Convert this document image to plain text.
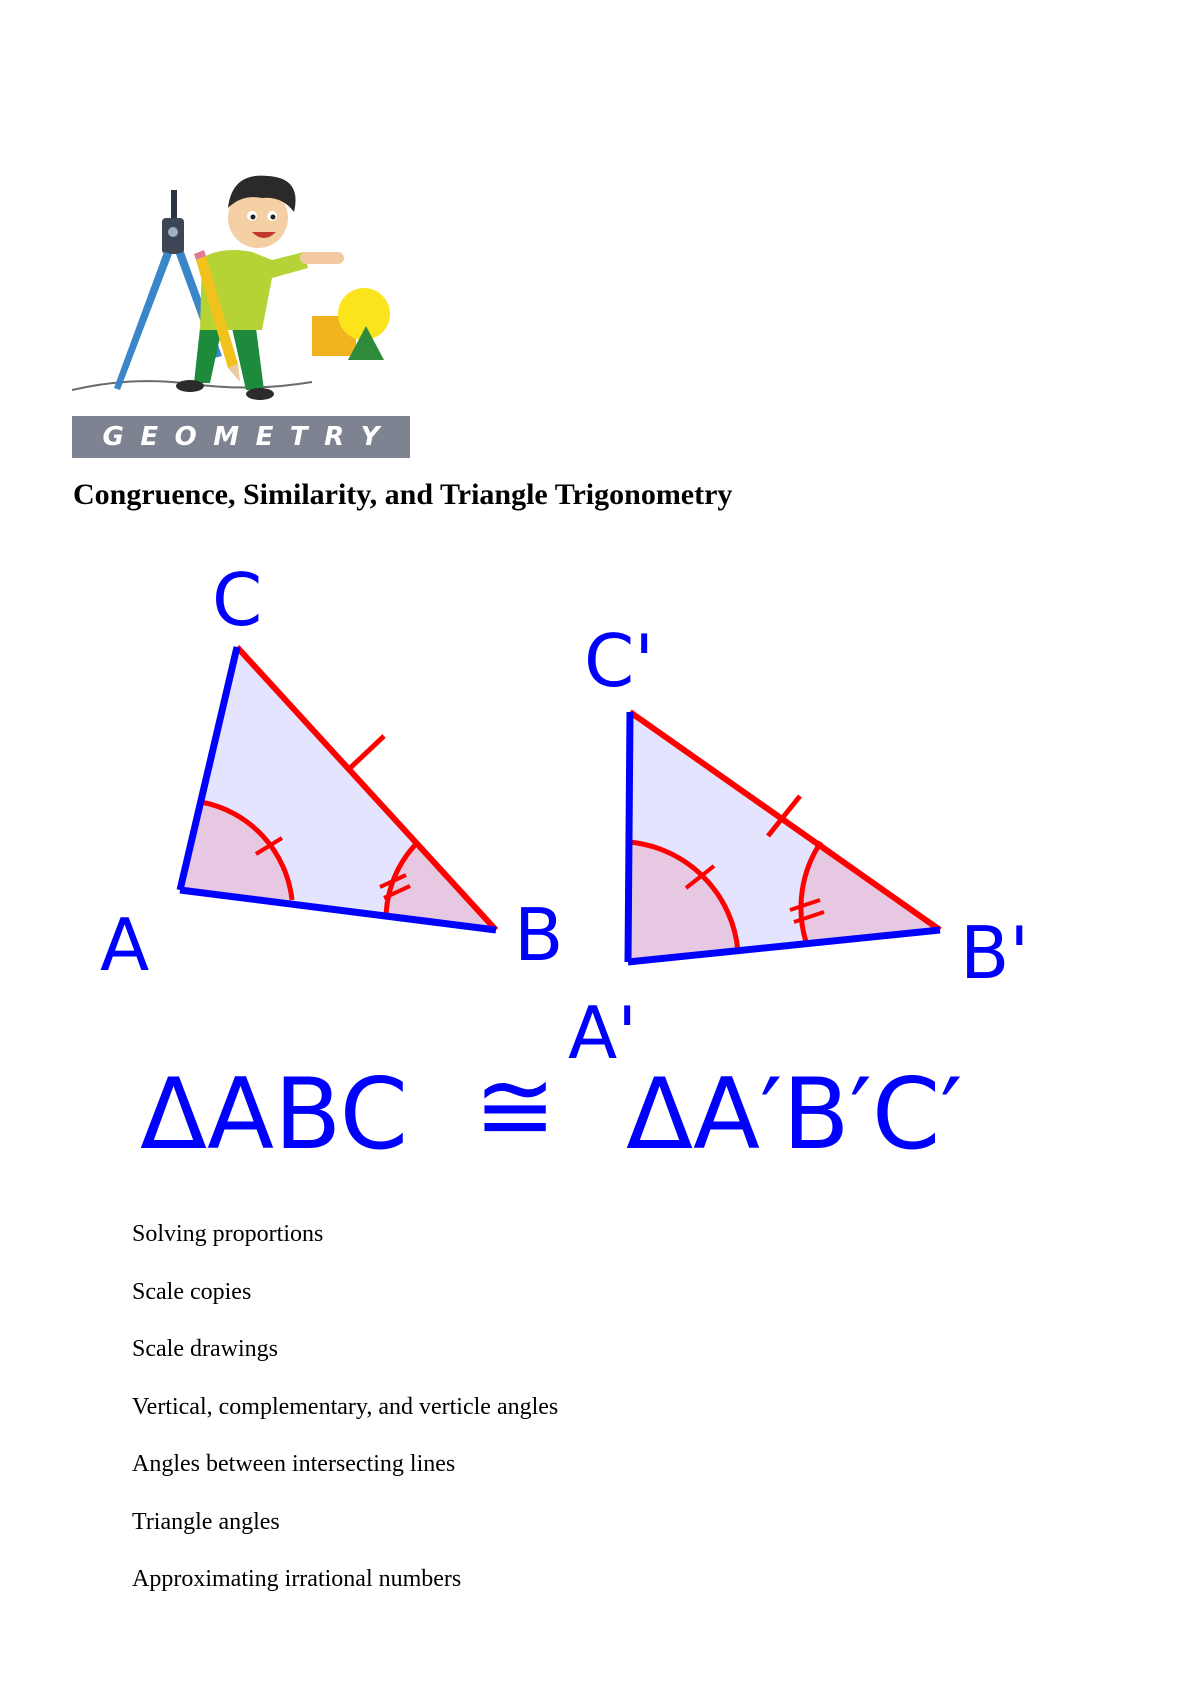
G E O M E T R Y
Congruence, Similarity, and Triangle Trigonometry
C
A	B
C'
A'
B'
ΔABC ≅ ΔA′B′C′
Solving proportions
Scale copies
Scale drawings
Vertical, complementary, and verticle angles
Angles between intersecting lines
Triangle angles
Approximating irrational numbers
